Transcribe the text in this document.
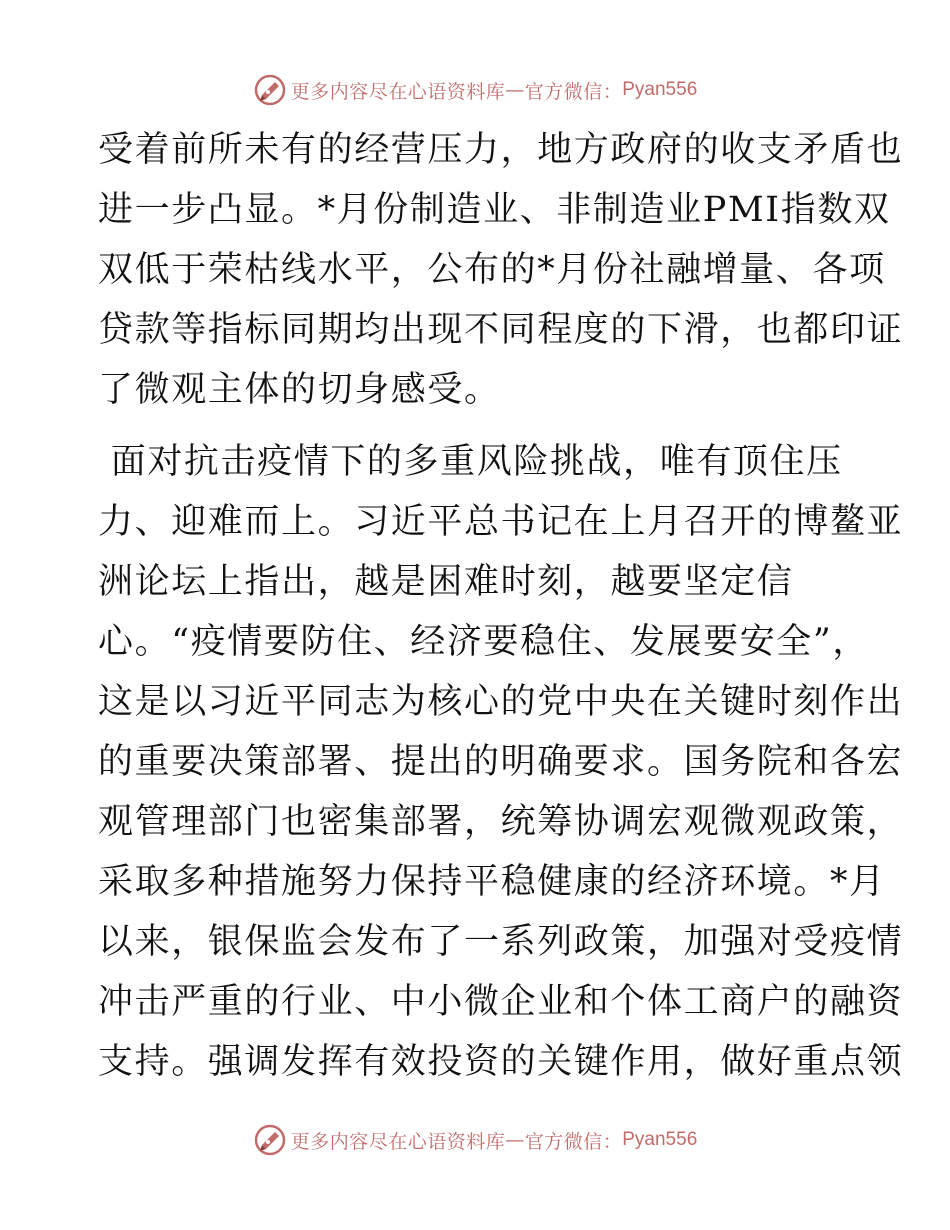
更多内容尽在心语资料库 — 官方微信： Pyan556
受着前所未有的经营压力，地方政府的收支矛盾也
进一步凸显。*月份制造业、非制造业PMI指数双
双低于荣枯线水平，公布的*月份社融增量、各项
贷款等指标同期均出现不同程度的下滑，也都印证
了微观主体的切身感受。
面对抗击疫情下的多重风险挑战，唯有顶住压
力、迎难而上。习近平总书记在上月召开的博鳌亚
洲论坛上指出，越是困难时刻，越要坚定信
心。“疫情要防住、经济要稳住、发展要安全”，
这是以习近平同志为核心的党中央在关键时刻作出
的重要决策部署、提出的明确要求。国务院和各宏
观管理部门也密集部署，统筹协调宏观微观政策，
采取多种措施努力保持平稳健康的经济环境。*月
以来，银保监会发布了一系列政策，加强对受疫情
冲击严重的行业、中小微企业和个体工商户的融资
支持。强调发挥有效投资的关键作用，做好重点领
更多内容尽在心语资料库 — 官方微信： Pyan556
